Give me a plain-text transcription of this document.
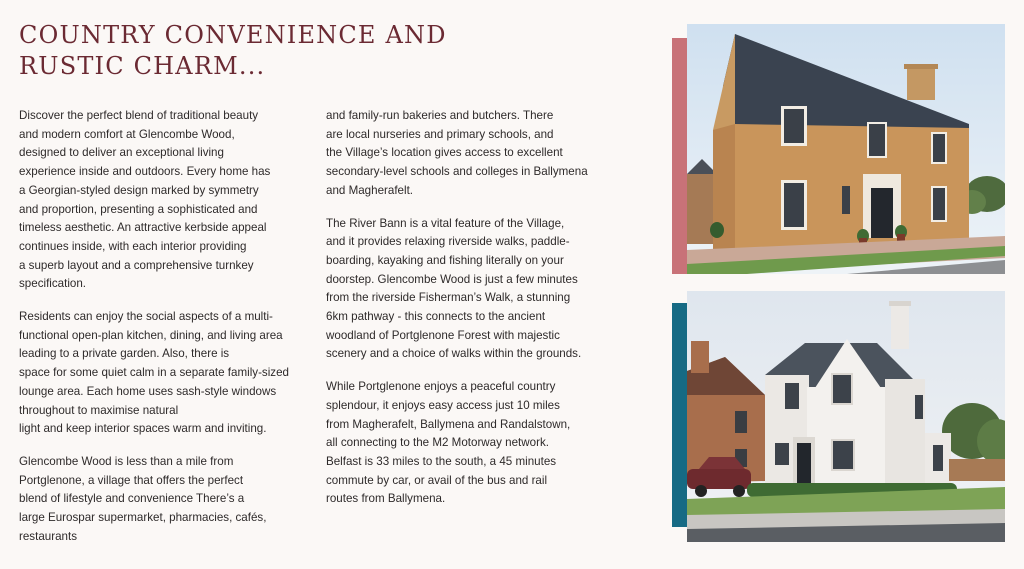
COUNTRY CONVENIENCE AND
RUSTIC CHARM...

Discover the perfect blend of traditional beauty
and modern comfort at Glencombe Wood,
designed to deliver an exceptional living
experience inside and outdoors. Every home has
a Georgian-styled design marked by symmetry
and proportion, presenting a sophisticated and
timeless aesthetic. An attractive kerbside appeal
continues inside, with each interior providing
a superb layout and a comprehensive turnkey
specification.

Residents can enjoy the social aspects of a multi-
functional open-plan kitchen, dining, and living area
leading to a private garden. Also, there is
space for some quiet calm in a separate family-sized
lounge area. Each home uses sash-style windows
throughout to maximise natural
light and keep interior spaces warm and inviting.

Glencombe Wood is less than a mile from
Portglenone, a village that offers the perfect
blend of lifestyle and convenience There’s a
large Eurospar supermarket, pharmacies, cafés,
restaurants

and family-run bakeries and butchers. There
are local nurseries and primary schools, and
the Village’s location gives access to excellent
secondary-level schools and colleges in Ballymena
and Magherafelt.

The River Bann is a vital feature of the Village,
and it provides relaxing riverside walks, paddle-
boarding, kayaking and fishing literally on your
doorstep. Glencombe Wood is just a few minutes
from the riverside Fisherman’s Walk, a stunning
6km pathway - this connects to the ancient
woodland of Portglenone Forest with majestic
scenery and a choice of walks within the grounds.

While Portglenone enjoys a peaceful country
splendour, it enjoys easy access just 10 miles
from Magherafelt, Ballymena and Randalstown,
all connecting to the M2 Motorway network.
Belfast is 33 miles to the south, a 45 minutes
commute by car, or avail of the bus and rail
routes from Ballymena.
